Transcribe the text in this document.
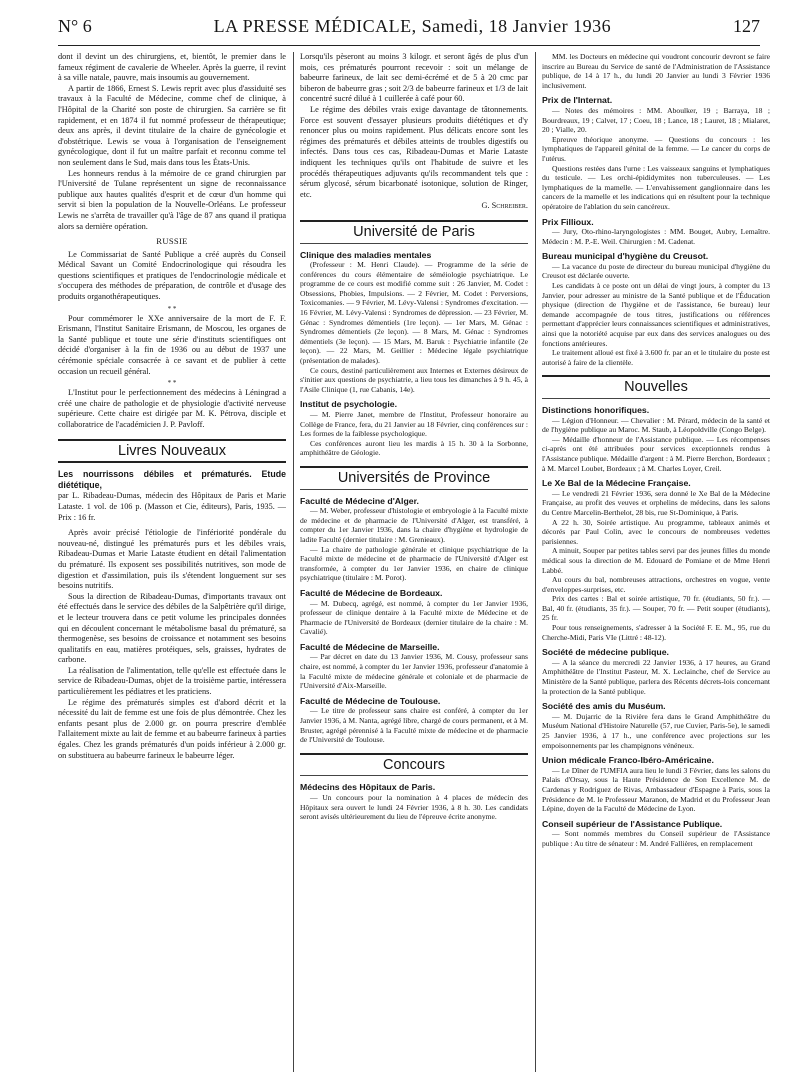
N° 6	LA PRESSE MÉDICALE, Samedi, 18 Janvier 1936	127

dont il devint un des chirurgiens, et, bientôt, le premier dans le fameux régiment de cavalerie de Wheeler. Après la guerre, il revint à sa ville natale, pauvre, mais insoumis au gouvernement.

A partir de 1866, Ernest S. Lewis reprit avec plus d'assiduité ses travaux à la Faculté de Médecine, comme chef de clinique, à l'Hôpital de la Charité son poste de chirurgien. Sa carrière se fit rapidement, et en 1874 il fut nommé professeur de thérapeutique; deux ans après, il devint titulaire de la chaire de gynécologie et d'obstétrique. Lewis se voua à l'organisation de l'enseignement gynécologique, dont il fut un maître parfait et reconnu comme tel non seulement dans le Sud, mais dans tous les États-Unis.

Les honneurs rendus à la mémoire de ce grand chirurgien par l'Université de Tulane représentent un signe de reconnaissance publique aux hautes qualités d'esprit et de cœur d'un homme qui servit si bien la population de la Nouvelle-Orléans. Le professeur Lewis ne s'arrêta de travailler qu'à l'âge de 87 ans quand il pratiqua alors sa dernière opération.

RUSSIE

Le Commissariat de Santé Publique a créé auprès du Conseil Médical Savant un Comité Endocrinologique qui résoudra les questions scientifiques et pratiques de l'endocrinologie médicale et s'occupera des méthodes de préparation, de contrôle et d'usage des produits organothérapeutiques.

* *

Pour commémorer le XXe anniversaire de la mort de F. F. Erismann, l'Institut Sanitaire Erismann, de Moscou, les organes de la Santé publique et toute une série d'instituts scientifiques ont décidé d'organiser à la fin de 1936 ou au début de 1937 une cérémonie spéciale consacrée à ce savant et de publier à cette occasion un recueil général.

* *

L'Institut pour le perfectionnement des médecins à Léningrad a créé une chaire de pathologie et de physiologie d'activité nerveuse supérieure. Cette chaire est dirigée par M. K. Pétrova, disciple et collaboratrice de l'académicien J. P. Pavloff.

Livres Nouveaux

Les nourrissons débiles et prématurés. Etude diététique,

par L. Ribadeau-Dumas, médecin des Hôpitaux de Paris et Marie Lataste. 1 vol. de 106 p. (Masson et Cie, éditeurs), Paris, 1935. — Prix : 16 fr.

Après avoir précisé l'étiologie de l'infériorité pondérale du nouveau-né, distingué les prématurés purs et les débiles vrais, Ribadeau-Dumas et Marie Lataste étudient en détail l'alimentation du prématuré. Ils exposent ses possibilités nutritives, son mode de digestion et d'assimilation, puis ils s'étendent longuement sur ses besoins nutritifs.

Sous la direction de Ribadeau-Dumas, d'importants travaux ont été effectués dans le service des débiles de la Salpêtrière qu'il dirige, et le lecteur trouvera dans ce petit volume les principales données qui en découlent concernant le métabolisme basal du prématuré, sa thermogenèse, ses besoins de croissance et notamment ses besoins qualitatifs en eau, matières protéiques, sels, graisses, hydrates de carbone.

La réalisation de l'alimentation, telle qu'elle est effectuée dans le service de Ribadeau-Dumas, objet de la troisième partie, intéressera particulièrement les pédiatres et les praticiens.

Le régime des prématurés simples est d'abord décrit et la nécessité du lait de femme est une fois de plus démontrée. Chez les enfants pesant plus de 2.000 gr. on pourra prescrire d'emblée l'allaitement mixte au lait de femme et au babeurre farineux à parties égales. Chez les grands prématurés d'un poids inférieur à 2.000 gr. on substituera au babeurre farineux le babeurre léger.

Lorsqu'ils pèseront au moins 3 kilogr. et seront âgés de plus d'un mois, ces prématurés pourront recevoir : soit un mélange de babeurre farineux, de lait sec demi-écrémé et de 5 à 20 cmc par biberon de babeurre gras ; soit 2/3 de babeurre farineux et 1/3 de lait concentré sucré dilué à 1 cuillerée à café pour 60.

Le régime des débiles vrais exige davantage de tâtonnements. Force est souvent d'essayer plusieurs produits diététiques et d'y renoncer plus ou moins rapidement. Plus délicats encore sont les régimes des prématurés et débiles atteints de troubles digestifs ou infectés. Dans tous ces cas, Ribadeau-Dumas et Marie Lataste indiquent les techniques qu'ils ont l'habitude de suivre et les procédés thérapeutiques adjuvants qu'ils recommandent tels que : sérum glycosé, sérum bicarbonaté isotonique, solution de Ringer, etc.

G. Schreiber.
Université de Paris

Clinique des maladies mentales

(Professeur : M. Henri Claude). — Programme de la série de conférences du cours élémentaire de séméiologie psychiatrique. Le programme de ce cours est modifié comme suit : 26 Janvier, M. Codet : Obsessions, Phobies, Impulsions. — 2 Février, M. Codet : Perversions, Toxicomanies. — 9 Février, M. Lévy-Valensi : Syndromes d'excitation. — 16 Février, M. Lévy-Valensi : Syndromes de dépression. — 23 Février, M. Génac : Syndromes démentiels (1re leçon). — 1er Mars, M. Génac : Syndromes démentiels (2e leçon). — 8 Mars, M. Génac : Syndromes démentiels (3e leçon). — 15 Mars, M. Baruk : Psychiatrie infantile (2e leçon). — 22 Mars, M. Geillier : Médecine légale psychiatrique (présentation de malades).

Ce cours, destiné particulièrement aux Internes et Externes désireux de s'initier aux questions de psychiatrie, a lieu tous les dimanches à 9 h. 45, à l'Asile Clinique (1, rue Cabanis, 14e).

Institut de psychologie.

— M. Pierre Janet, membre de l'Institut, Professeur honoraire au Collège de France, fera, du 21 Janvier au 18 Février, cinq conférences sur : Les formes de la faiblesse psychologique.

Ces conférences auront lieu les mardis à 15 h. 30 à la Sorbonne, amphithéâtre de Géologie.

Universités de Province

Faculté de Médecine d'Alger.

— M. Weber, professeur d'histologie et embryologie à la Faculté mixte de médecine et de pharmacie de l'Université d'Alger, est transféré, à compter du 1er Janvier 1936, dans la chaire d'hygiène et hydrologie de ladite Faculté (dernier titulaire : M. Grenieaux).

— La chaire de pathologie générale et clinique psychiatrique de la Faculté mixte de médecine et de pharmacie de l'Université d'Alger est transformée, à compter du 1er Janvier 1936, en chaire de clinique psychiatrique (titulaire : M. Porot).

Faculté de Médecine de Bordeaux.

— M. Dubecq, agrégé, est nommé, à compter du 1er Janvier 1936, professeur de clinique dentaire à la Faculté mixte de Médecine et de Pharmacie de l'Université de Bordeaux (dernier titulaire de la chaire : M. Cavalié).

Faculté de Médecine de Marseille.

— Par décret en date du 13 Janvier 1936, M. Cousy, professeur sans chaire, est nommé, à compter du 1er Janvier 1936, professeur d'anatomie à la Faculté mixte de médecine générale et coloniale et de pharmacie de l'Université d'Aix-Marseille.

Faculté de Médecine de Toulouse.

— Le titre de professeur sans chaire est conféré, à compter du 1er Janvier 1936, à M. Nanta, agrégé libre, chargé de cours permanent, et à M. Bruster, agrégé pérennisé à la Faculté mixte de médecine et de pharmacie de l'Université de Toulouse.

Concours

Médecins des Hôpitaux de Paris.

— Un concours pour la nomination à 4 places de médecin des Hôpitaux sera ouvert le lundi 24 Février 1936, à 8 h. 30. Les candidats seront avisés ultérieurement du lieu de l'épreuve écrite anonyme.

MM. les Docteurs en médecine qui voudront concourir devront se faire inscrire au Bureau du Service de santé de l'Administration de l'Assistance publique, de 14 à 17 h., du lundi 20 Janvier au lundi 3 Février 1936 inclusivement.

Prix de l'Internat.

— Notes des mémoires : MM. Aboulker, 19 ; Barraya, 18 ; Bourdreaux, 19 ; Calvet, 17 ; Coeu, 18 ; Lance, 18 ; Lauret, 18 ; Mialaret, 20 ; Vialle, 20.

Epreuve théorique anonyme. — Questions du concours : les lymphatiques de l'appareil génital de la femme. — Le cancer du corps de l'utérus.

Questions restées dans l'urne : Les vaisseaux sanguins et lymphatiques du testicule. — Les orchi-épididymites non tuberculeuses. — Les lymphatiques de la mamelle. — L'envahissement ganglionnaire dans les cancers de la mamelle et les indications qui en résultent pour la technique opératoire de l'ablation du sein cancéreux.

Prix Fillioux.

— Jury, Oto-rhino-laryngologistes : MM. Bouget, Aubry, Lemaître. Médecin : M. P.-E. Weil. Chirurgien : M. Cadenat.

Bureau municipal d'hygiène du Creusot.

— La vacance du poste de directeur du bureau municipal d'hygiène du Creusot est déclarée ouverte.

Les candidats à ce poste ont un délai de vingt jours, à compter du 13 Janvier, pour adresser au ministre de la Santé publique et de l'Éducation physique (direction de l'hygiène et de l'assistance, 6e bureau) leur demande accompagnée de tous titres, justifications ou références permettant d'apprécier leurs connaissances scientifiques et administratives, ainsi que la notoriété acquise par eux dans des services analogues ou des fonctions antérieures.

Le traitement alloué est fixé à 3.600 fr. par an et le titulaire du poste est autorisé à faire de la clientèle.

Nouvelles

Distinctions honorifiques.

— Légion d'Honneur. — Chevalier : M. Pérard, médecin de la santé et de l'hygiène publique au Maroc. M. Staub, à Léopoldville (Congo Belge).

— Médaille d'honneur de l'Assistance publique. — Les récompenses ci-après ont été attribuées pour services exceptionnels rendus à l'Assistance publique. Médaille d'argent : à M. Pierre Berchon, Bordeaux ; à M. Marcel Loubet, Bordeaux ; à M. Charles Loyer, Creil.

Le Xe Bal de la Médecine Française.

— Le vendredi 21 Février 1936, sera donné le Xe Bal de la Médecine Française, au profit des veuves et orphelins de médecins, dans les salons du Centre Marcelin-Berthelot, 28 bis, rue St-Dominique, à Paris.

A 22 h. 30, Soirée artistique. Au programme, tableaux animés et décorés par Paul Colin, avec le concours de nombreuses vedettes parisiennes.

A minuit, Souper par petites tables servi par des jeunes filles du monde médical sous la direction de M. Edouard de Pomiane et de Mme Henri Labbé.

Au cours du bal, nombreuses attractions, orchestres en vogue, vente d'enveloppes-surprises, etc.

Prix des cartes : Bal et soirée artistique, 70 fr. (étudiants, 50 fr.). — Bal, 40 fr. (étudiants, 35 fr.). — Souper, 70 fr. — Petit souper (étudiants), 25 fr.

Pour tous renseignements, s'adresser à la Société F. E. M., 95, rue du Cherche-Midi, Paris VIe (Littré : 48-12).

Société de médecine publique.

— A la séance du mercredi 22 Janvier 1936, à 17 heures, au Grand Amphithéâtre de l'Institut Pasteur, M. X. Leclainche, chef de Service au Ministère de la Santé publique, parlera des Récents décrets-lois concernant la protection de la Santé publique.

Société des amis du Muséum.

— M. Dujarric de la Rivière fera dans le Grand Amphithéâtre du Muséum National d'Histoire Naturelle (57, rue Cuvier, Paris-5e), le samedi 25 Janvier 1936, à 17 h., une conférence avec projections sur les empoisonnements par les champignons vénéneux.

Union médicale Franco-Ibéro-Américaine.

— Le Dîner de l'UMFIA aura lieu le lundi 3 Février, dans les salons du Palais d'Orsay, sous la Haute Présidence de Son Excellence M. de Cardenas y Rodriguez de Rivas, Ambassadeur d'Espagne à Paris, sous la Présidence de M. le Professeur Maranon, de Madrid et du Professeur Jean Lépine, doyen de la Faculté de Médecine de Lyon.

Conseil supérieur de l'Assistance Publique.

— Sont nommés membres du Conseil supérieur de l'Assistance publique : Au titre de sénateur : M. André Fallières, en remplacement
